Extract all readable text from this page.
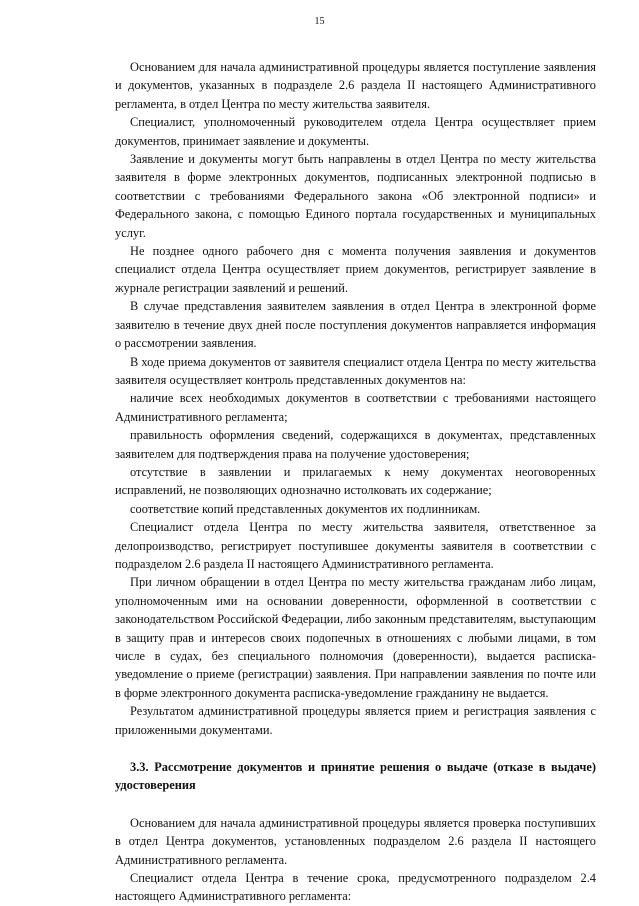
15

Основанием для начала административной процедуры является поступление заявления и документов, указанных в подразделе 2.6 раздела II настоящего Административного регламента, в отдел Центра по месту жительства заявителя.

Специалист, уполномоченный руководителем отдела Центра осуществляет прием документов, принимает заявление и документы.

Заявление и документы могут быть направлены в отдел Центра по месту жительства заявителя в форме электронных документов, подписанных электронной подписью в соответствии с требованиями Федерального закона «Об электронной подписи» и Федерального закона, с помощью Единого портала государственных и муниципальных услуг.

Не позднее одного рабочего дня с момента получения заявления и документов специалист отдела Центра осуществляет прием документов, регистрирует заявление в журнале регистрации заявлений и решений.

В случае представления заявителем заявления в отдел Центра в электронной форме заявителю в течение двух дней после поступления документов направляется информация о рассмотрении заявления.

В ходе приема документов от заявителя специалист отдела Центра по месту жительства заявителя осуществляет контроль представленных документов на:

наличие всех необходимых документов в соответствии с требованиями настоящего Административного регламента;

правильность оформления сведений, содержащихся в документах, представленных заявителем для подтверждения права на получение удостоверения;

отсутствие в заявлении и прилагаемых к нему документах неоговоренных исправлений, не позволяющих однозначно истолковать их содержание;

соответствие копий представленных документов их подлинникам.

Специалист отдела Центра по месту жительства заявителя, ответственное за делопроизводство, регистрирует поступившее документы заявителя в соответствии с подразделом 2.6 раздела II настоящего Административного регламента.

При личном обращении в отдел Центра по месту жительства гражданам либо лицам, уполномоченным ими на основании доверенности, оформленной в соответствии с законодательством Российской Федерации, либо законным представителям, выступающим в защиту прав и интересов своих подопечных в отношениях с любыми лицами, в том числе в судах, без специального полномочия (доверенности), выдается расписка-уведомление о приеме (регистрации) заявления. При направлении заявления по почте или в форме электронного документа расписка-уведомление гражданину не выдается.

Результатом административной процедуры является прием и регистрация заявления с приложенными документами.

3.3. Рассмотрение документов и принятие решения о выдаче (отказе в выдаче) удостоверения

Основанием для начала административной процедуры является проверка поступивших в отдел Центра документов, установленных подразделом 2.6 раздела II настоящего Административного регламента.

Специалист отдела Центра в течение срока, предусмотренного подразделом 2.4 настоящего Административного регламента:
